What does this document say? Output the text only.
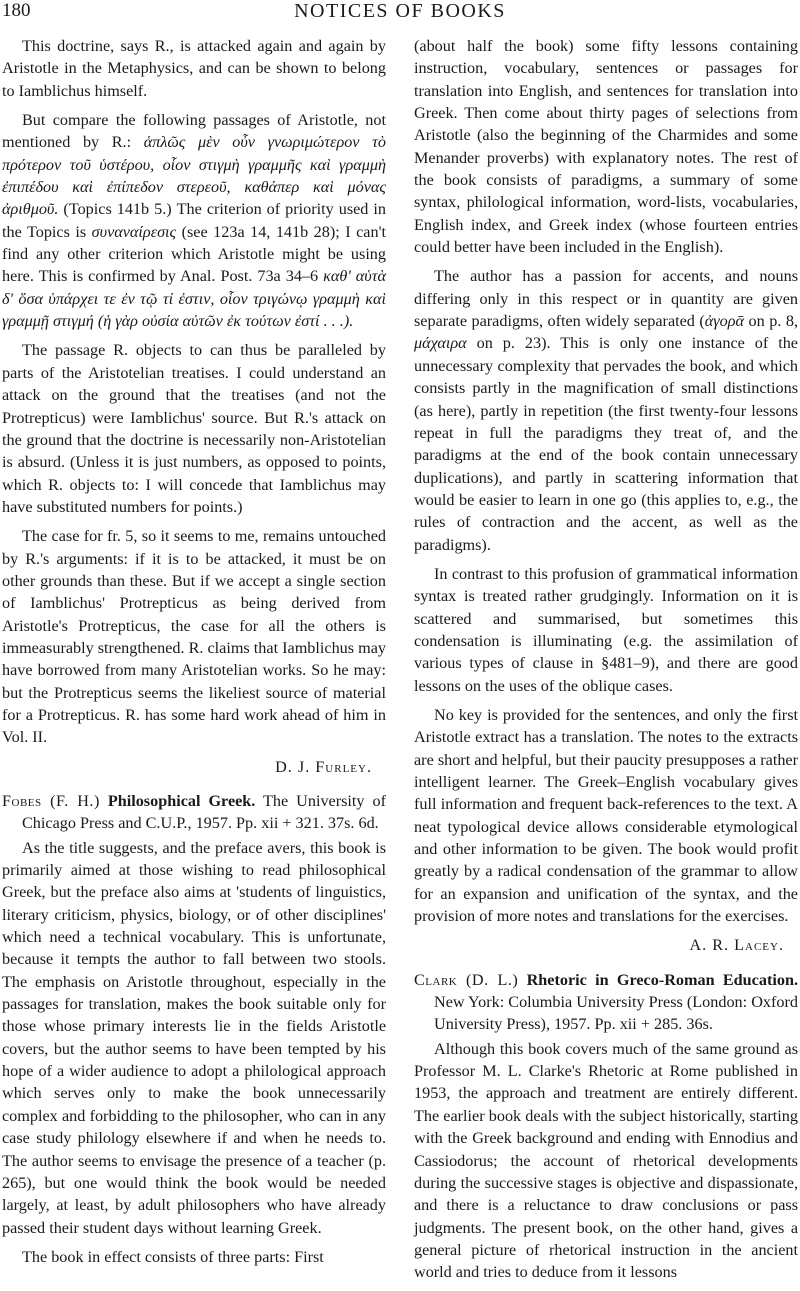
180	NOTICES OF BOOKS

This doctrine, says R., is attacked again and again by Aristotle in the Metaphysics, and can be shown to belong to Iamblichus himself.

But compare the following passages of Aristotle, not mentioned by R.: ἁπλῶς μὲν οὖν γνωριμώτερον τὸ πρότερον τοῦ ὑστέρου, οἷον στιγμὴ γραμμῆς καὶ γραμμὴ ἐπιπέδου καὶ ἐπίπεδον στερεοῦ, καθάπερ καὶ μόνας ἀριθμοῦ. (Topics 141b 5.) The criterion of priority used in the Topics is συναναίρεσις (see 123a 14, 141b 28); I can't find any other criterion which Aristotle might be using here. This is confirmed by Anal. Post. 73a 34–6 καθ' αὑτὰ δ' ὅσα ὑπάρχει τε ἐν τῷ τί ἐστιν, οἷον τριγώνῳ γραμμὴ καὶ γραμμῇ στιγμή (ἡ γὰρ οὐσία αὐτῶν ἐκ τούτων ἐστί . . .).

The passage R. objects to can thus be paralleled by parts of the Aristotelian treatises. I could understand an attack on the ground that the treatises (and not the Protrepticus) were Iamblichus' source. But R.'s attack on the ground that the doctrine is necessarily non-Aristotelian is absurd. (Unless it is just numbers, as opposed to points, which R. objects to: I will concede that Iamblichus may have substituted numbers for points.)

The case for fr. 5, so it seems to me, remains untouched by R.'s arguments: if it is to be attacked, it must be on other grounds than these. But if we accept a single section of Iamblichus' Protrepticus as being derived from Aristotle's Protrepticus, the case for all the others is immeasurably strengthened. R. claims that Iamblichus may have borrowed from many Aristotelian works. So he may: but the Protrepticus seems the likeliest source of material for a Protrepticus. R. has some hard work ahead of him in Vol. II.

D. J. Furley.
Fobes (F. H.) Philosophical Greek. The University of Chicago Press and C.U.P., 1957. Pp. xii + 321. 37s. 6d.

As the title suggests, and the preface avers, this book is primarily aimed at those wishing to read philosophical Greek, but the preface also aims at 'students of linguistics, literary criticism, physics, biology, or of other disciplines' which need a technical vocabulary. This is unfortunate, because it tempts the author to fall between two stools. The emphasis on Aristotle throughout, especially in the passages for translation, makes the book suitable only for those whose primary interests lie in the fields Aristotle covers, but the author seems to have been tempted by his hope of a wider audience to adopt a philological approach which serves only to make the book unnecessarily complex and forbidding to the philosopher, who can in any case study philology elsewhere if and when he needs to. The author seems to envisage the presence of a teacher (p. 265), but one would think the book would be needed largely, at least, by adult philosophers who have already passed their student days without learning Greek.

The book in effect consists of three parts: First

(about half the book) some fifty lessons containing instruction, vocabulary, sentences or passages for translation into English, and sentences for translation into Greek. Then come about thirty pages of selections from Aristotle (also the beginning of the Charmides and some Menander proverbs) with explanatory notes. The rest of the book consists of paradigms, a summary of some syntax, philological information, word-lists, vocabularies, English index, and Greek index (whose fourteen entries could better have been included in the English).

The author has a passion for accents, and nouns differing only in this respect or in quantity are given separate paradigms, often widely separated (ἀγορᾱ on p. 8, μάχαιρα on p. 23). This is only one instance of the unnecessary complexity that pervades the book, and which consists partly in the magnification of small distinctions (as here), partly in repetition (the first twenty-four lessons repeat in full the paradigms they treat of, and the paradigms at the end of the book contain unnecessary duplications), and partly in scattering information that would be easier to learn in one go (this applies to, e.g., the rules of contraction and the accent, as well as the paradigms).

In contrast to this profusion of grammatical information syntax is treated rather grudgingly. Information on it is scattered and summarised, but sometimes this condensation is illuminating (e.g. the assimilation of various types of clause in §481–9), and there are good lessons on the uses of the oblique cases.

No key is provided for the sentences, and only the first Aristotle extract has a translation. The notes to the extracts are short and helpful, but their paucity presupposes a rather intelligent learner. The Greek–English vocabulary gives full information and frequent back-references to the text. A neat typological device allows considerable etymological and other information to be given. The book would profit greatly by a radical condensation of the grammar to allow for an expansion and unification of the syntax, and the provision of more notes and translations for the exercises.

A. R. Lacey.
Clark (D. L.) Rhetoric in Greco-Roman Education. New York: Columbia University Press (London: Oxford University Press), 1957. Pp. xii + 285. 36s.

Although this book covers much of the same ground as Professor M. L. Clarke's Rhetoric at Rome published in 1953, the approach and treatment are entirely different. The earlier book deals with the subject historically, starting with the Greek background and ending with Ennodius and Cassiodorus; the account of rhetorical developments during the successive stages is objective and dispassionate, and there is a reluctance to draw conclusions or pass judgments. The present book, on the other hand, gives a general picture of rhetorical instruction in the ancient world and tries to deduce from it lessons
